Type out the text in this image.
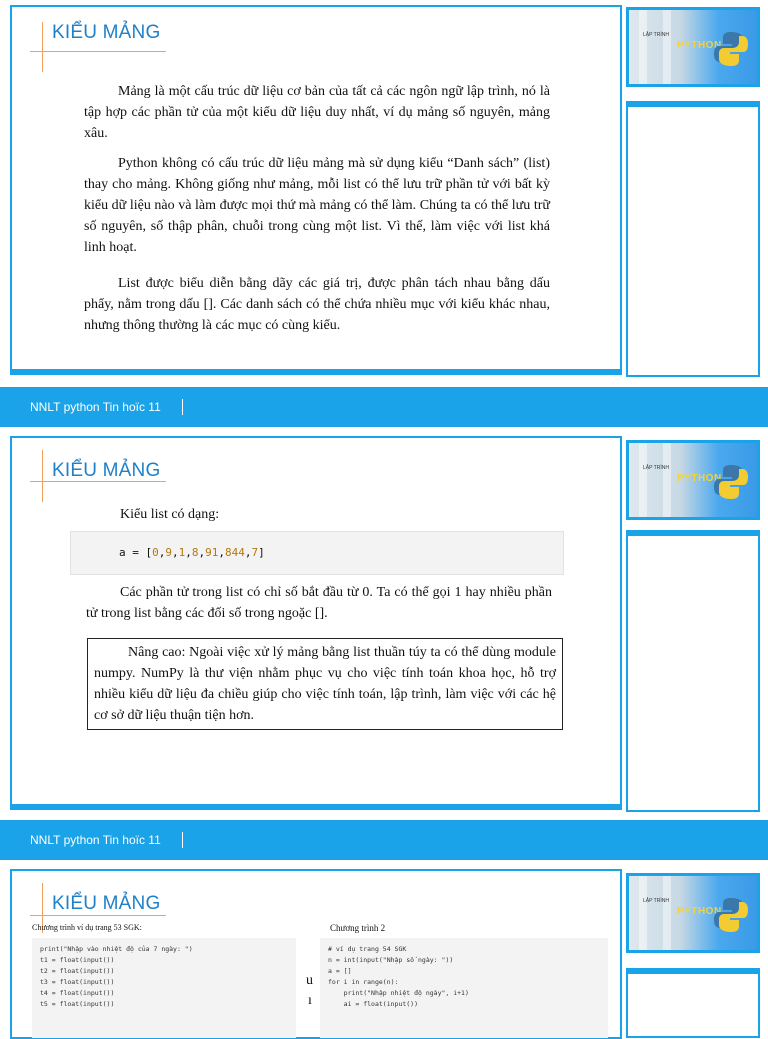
KIỂU MẢNG
Mảng là một cấu trúc dữ liệu cơ bản của tất cả các ngôn ngữ lập trình, nó là tập hợp các phần tử của một kiểu dữ liệu duy nhất, ví dụ mảng số nguyên, mảng xâu.
Python không có cấu trúc dữ liệu mảng mà sử dụng kiểu “Danh sách” (list) thay cho mảng. Không giống như mảng, mỗi list có thể lưu trữ phần tử với bất kỳ kiểu dữ liệu nào và làm được mọi thứ mà mảng có thể làm. Chúng ta có thể lưu trữ số nguyên, số thập phân, chuỗi trong cùng một list. Vì thế, làm việc với list khá linh hoạt.
List được biểu diễn bằng dãy các giá trị, được phân tách nhau bằng dấu phẩy, nằm trong dấu []. Các danh sách có thể chứa nhiều mục với kiểu khác nhau, nhưng thông thường là các mục có cùng kiểu.
LẬP TRÌNH
PYTHON
NNLT python Tin hoïc 11
KIỂU MẢNG
Kiểu list có dạng:
a = [0,9,1,8,91,844,7]
Các phần tử trong list có chỉ số bắt đầu từ 0. Ta có thể gọi 1 hay nhiều phần tử trong list bằng các đối số trong ngoặc [].
Nâng cao: Ngoài việc xử lý mảng bằng list thuần túy ta có thể dùng module numpy. NumPy là thư viện nhằm phục vụ cho việc tính toán khoa học, hỗ trợ nhiều kiểu dữ liệu đa chiều giúp cho việc tính toán, lập trình, làm việc với các hệ cơ sở dữ liệu thuận tiện hơn.
LẬP TRÌNH
PYTHON
NNLT python Tin hoïc 11
KIỂU MẢNG
Chương trình ví dụ trang 53 SGK:
print("Nhập vào nhiệt độ của 7 ngày: ")
t1 = float(input())
t2 = float(input())
t3 = float(input())
t4 = float(input())
t5 = float(input())
u
ı
Chương trình 2
# ví dụ trang 54 SGK
n = int(input("Nhập số ngày: "))
a = []
for i in range(n):
print("Nhập nhiệt độ ngày", i+1)
ai = float(input())
LẬP TRÌNH
PYTHON
